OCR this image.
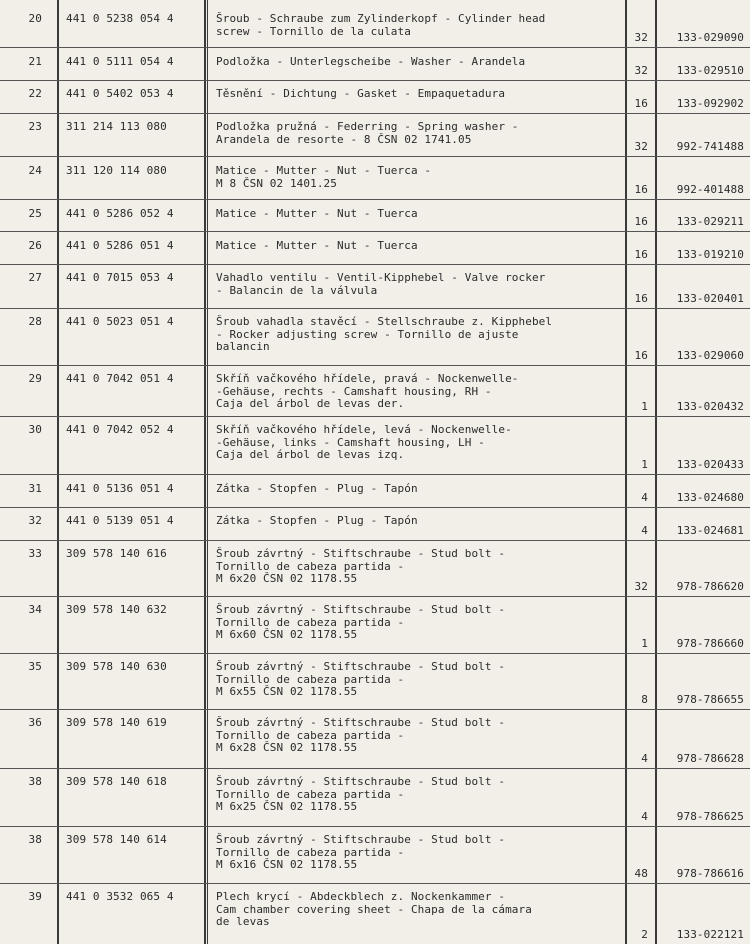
20 441 0 5238 054 4	Šroub - Schraube zum Zylinderkopf - Cylinder head
screw - Tornillo de la culata	32	133-029090
21 441 0 5111 054 4	Podložka - Unterlegscheibe - Washer - Arandela
32	133-029510
22 441 0 5402 053 4	Těsnění - Dichtung - Gasket - Empaquetadura
16	133-092902
23 311 214 113 080	Podložka pružná - Federring - Spring washer -
Arandela de resorte - 8 ČSN 02 1741.05
32	992-741488
24 311 120 114 080	Matice - Mutter - Nut - Tuerca -
M 8 ČSN 02 1401.25	16	992-401488
25 441 0 5286 052 4	Matice - Mutter - Nut - Tuerca
16	133-029211
26 441 0 5286 051 4	Matice - Mutter - Nut - Tuerca
16	133-019210
27 441 0 7015 053 4	Vahadlo ventilu - Ventil-Kipphebel - Valve rocker
- Balancin de la válvula
16	133-020401
28 441 0 5023 051 4	Šroub vahadla stavěcí - Stellschraube z. Kipphebel
- Rocker adjusting screw - Tornillo de ajuste
balancin
16	133-029060
29 441 0 7042 051 4	Skříň vačkového hřídele, pravá - Nockenwelle-
-Gehäuse, rechts - Camshaft housing, RH -
Caja del árbol de levas der.	1	133-020432
30 441 0 7042 052 4	Skříň vačkového hřídele, levá - Nockenwelle-
-Gehäuse, links - Camshaft housing, LH -
Caja del árbol de levas izq.
1	133-020433
31 441 0 5136 051 4	Zátka - Stopfen - Plug - Tapón
4	133-024680
32 441 0 5139 051 4	Zátka - Stopfen - Plug - Tapón
4	133-024681
33 309 578 140 616	Šroub závrtný - Stiftschraube - Stud bolt -
Tornillo de cabeza partida -
M 6x20 ČSN 02 1178.55
32	978-786620
34 309 578 140 632	Šroub závrtný - Stiftschraube - Stud bolt -
Tornillo de cabeza partida -
M 6x60 ČSN 02 1178.55
1	978-786660
35 309 578 140 630	Šroub závrtný - Stiftschraube - Stud bolt -
Tornillo de cabeza partida -
M 6x55 ČSN 02 1178.55
8	978-786655
36 309 578 140 619	Šroub závrtný - Stiftschraube - Stud bolt -
Tornillo de cabeza partida -
M 6x28 ČSN 02 1178.55
4	978-786628
38 309 578 140 618	Šroub závrtný - Stiftschraube - Stud bolt -
Tornillo de cabeza partida -
M 6x25 ČSN 02 1178.55
4	978-786625
38 309 578 140 614	Šroub závrtný - Stiftschraube - Stud bolt -
Tornillo de cabeza partida -
M 6x16 ČSN 02 1178.55
48	978-786616
39 441 0 3532 065 4	Plech krycí - Abdeckblech z. Nockenkammer -
Cam chamber covering sheet - Chapa de la cámara
de levas
2	133-022121
